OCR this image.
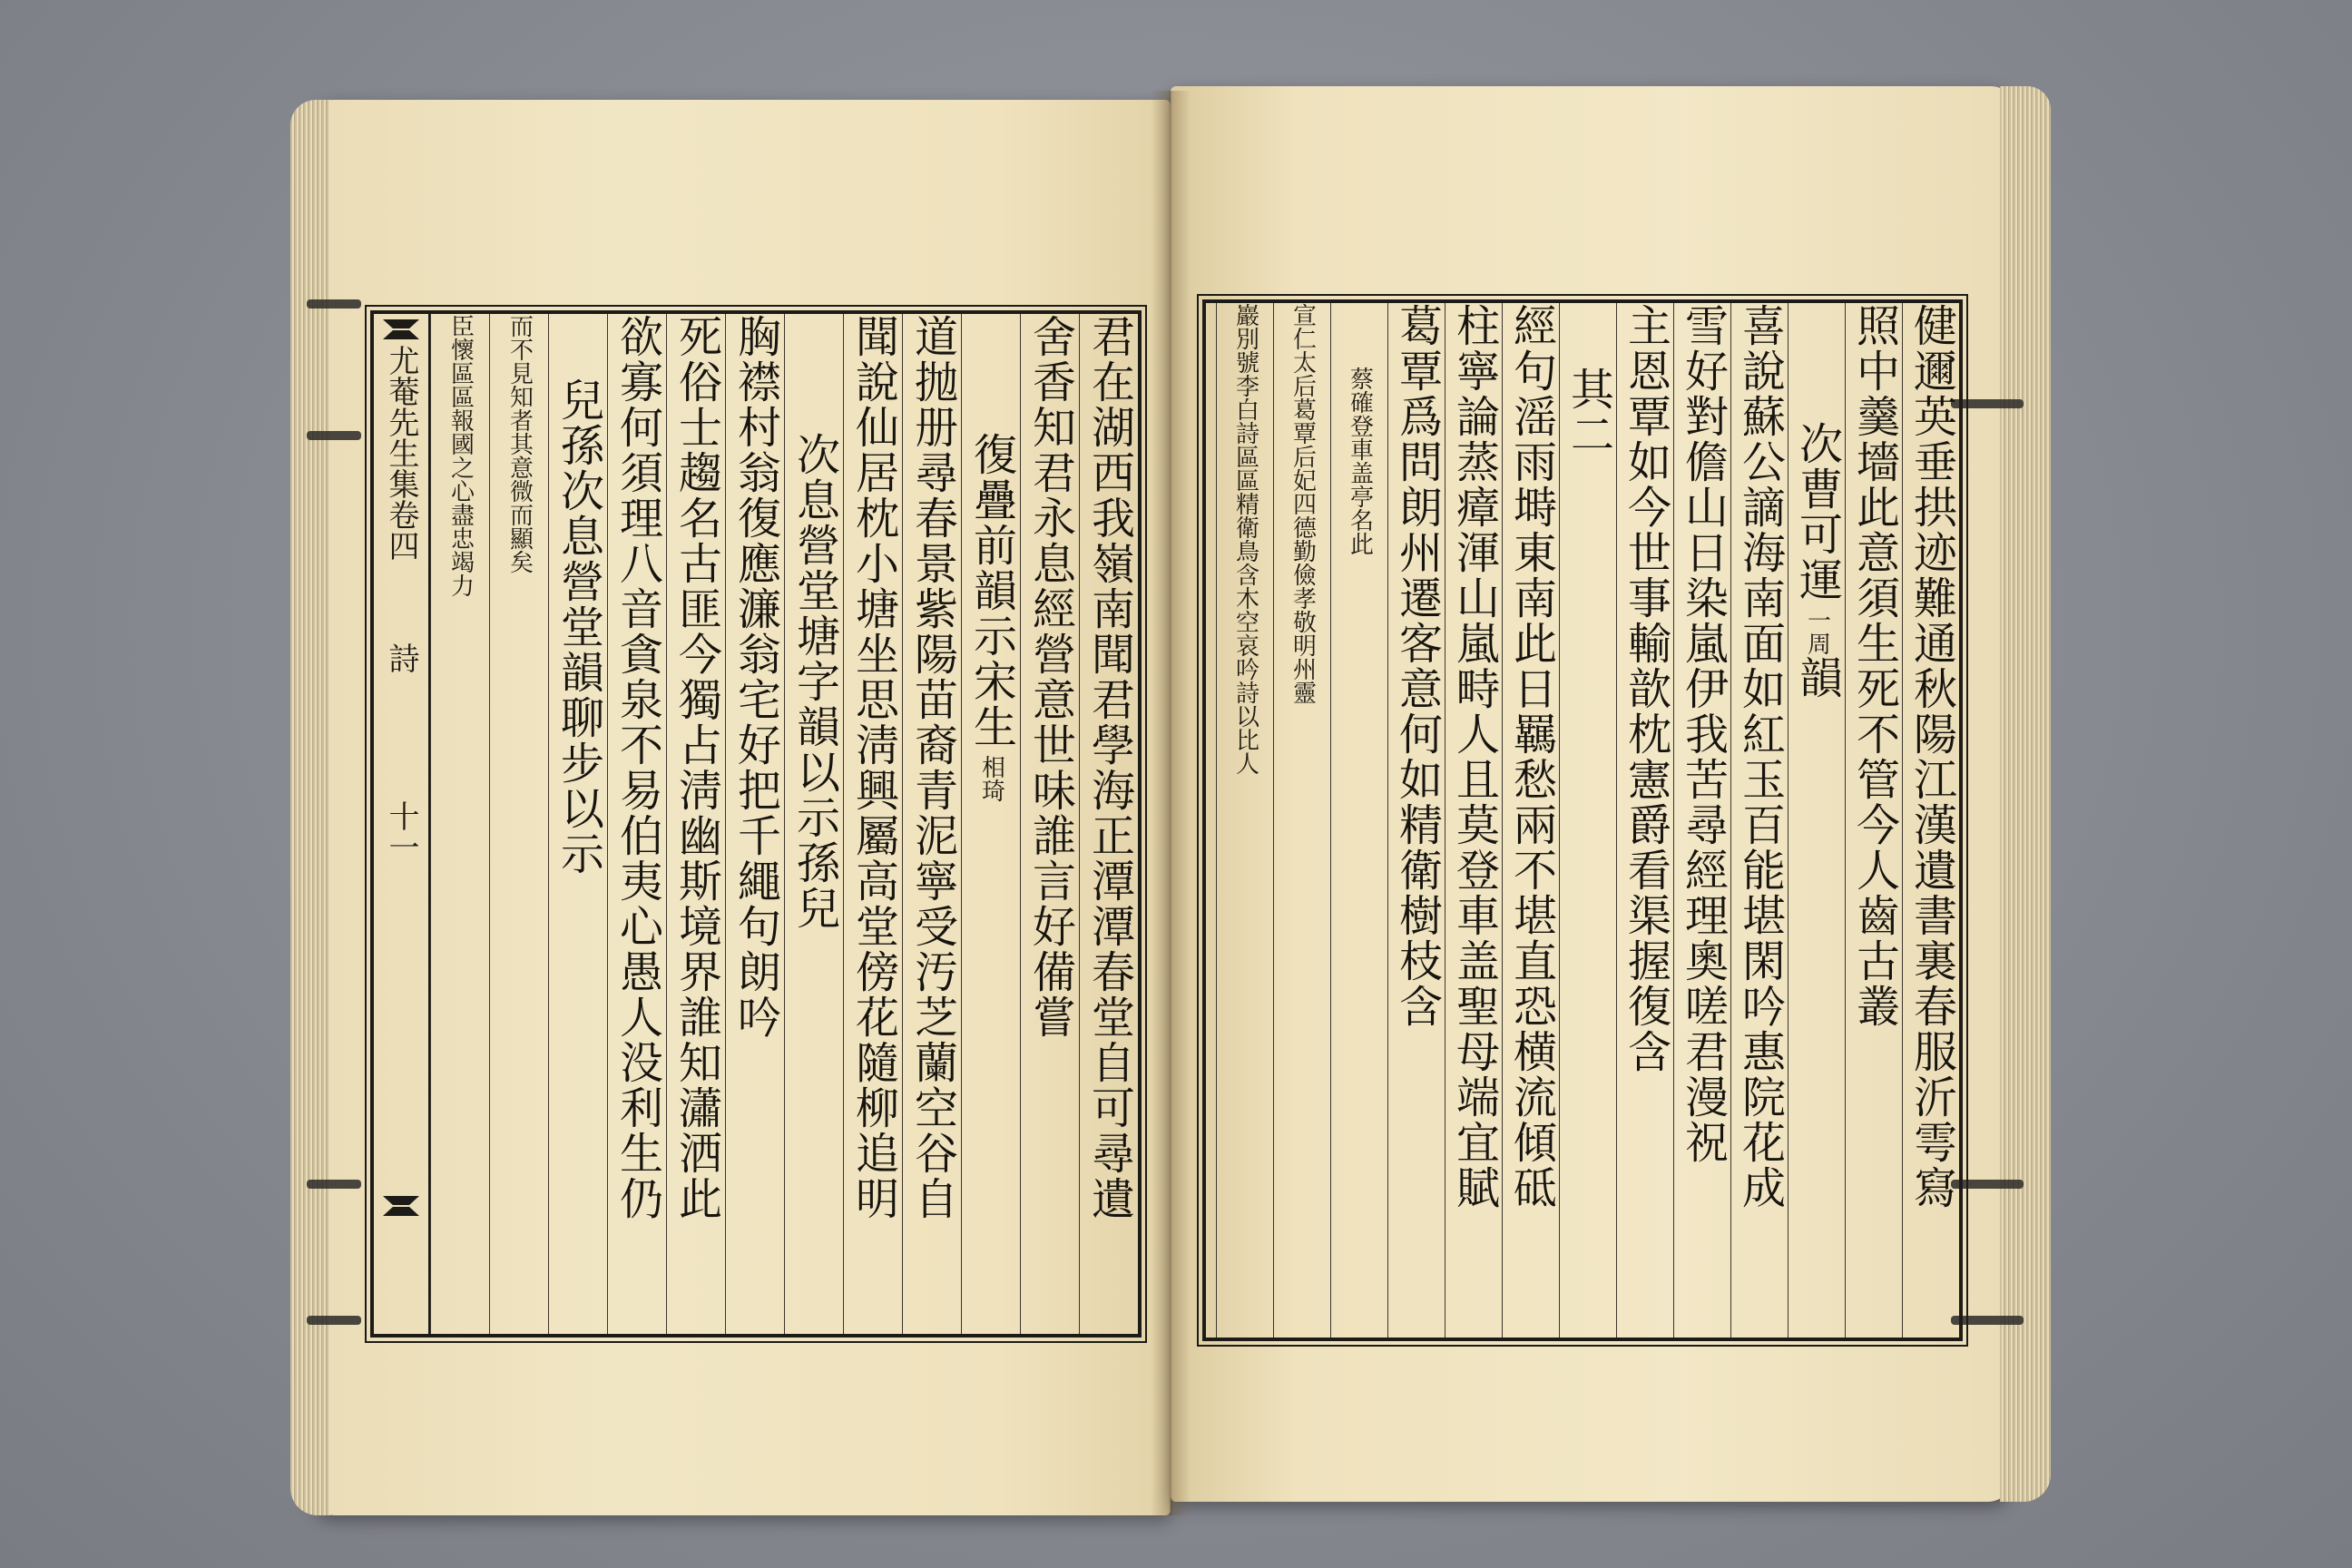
尤菴先生集卷四
詩
十一	君在湖西我嶺南聞君學海正潭潭春堂自可尋遺
舍香知君永息經營意世味誰言好備嘗
復疊前韻示宋生
相琦
道抛册尋春景紫陽苗裔青泥寧受汚芝蘭空谷自
聞說仙居枕小塘坐思淸興屬高堂傍花隨柳追明
次息營堂塘字韻以示孫兒
胸襟村翁復應濂翁宅好把千繩句朗吟
死俗士趨名古匪今獨占淸幽斯境界誰知瀟洒此
欲寡何須理八音貪泉不易伯夷心愚人没利生仍
兒孫次息營堂韻聊步以示
而不見知者其意微而顯矣
臣懷區區報國之心盡忠竭力	健邇英垂拱迹難通秋陽江漢遺書裏春服沂雩寫
照中羹墻此意須生死不管今人齒古叢
次曹可運
一周
韻
喜說蘇公謫海南面如紅玉百能堪閑吟惠院花成
雪好對儋山日染嵐伊我苦尋經理奧嗟君漫祝
主恩覃如今世事輸歆枕憲爵看渠握復含
其二
經句滛雨塒東南此日羈愁兩不堪直恐横流傾砥
柱寧論蒸瘴渾山嵐畤人且莫登車盖聖母端宜賦
葛覃爲問朗州遷客意何如精衛樹枝含
蔡確登車盖亭名此
宣仁太后葛覃后妃四德勤儉孝敬明州靈
巖別號李白詩區區精衛鳥含木空哀吟詩以比人
